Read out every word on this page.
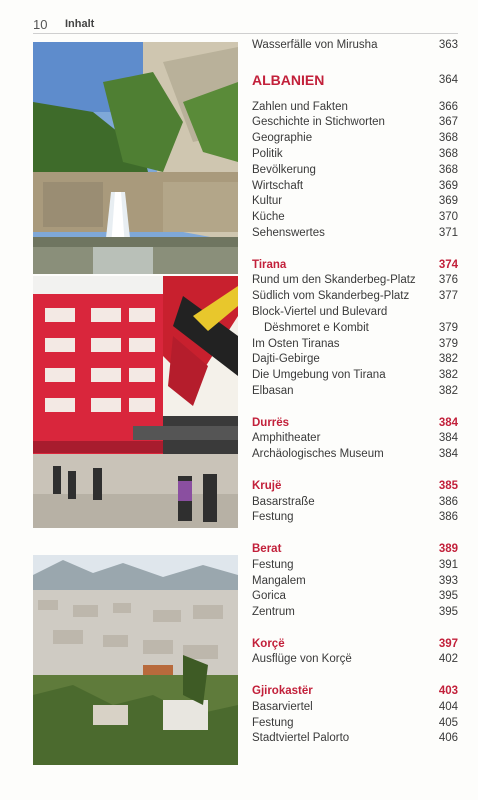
10 Inhalt
Wasserfälle von Mirusha	363
ALBANIEN	364
Zahlen und Fakten	366
Geschichte in Stichworten	367
Geographie	368
Politik	368
Bevölkerung	368
Wirtschaft	369
Kultur	369
Küche	370
Sehenswertes	371
Tirana	374
Rund um den Skanderbeg-Platz 376
Südlich vom Skanderbeg-Platz	377
Block-Viertel und Bulevard
Dëshmoret e Kombit	379
Im Osten Tiranas	379
Dajti-Gebirge	382
Die Umgebung von Tirana	382
Elbasan	382
Durrës	384
Amphitheater	384
Archäologisches Museum	384
Krujë	385
Basarstraße	386
Festung	386
Berat	389
Festung	391
Mangalem	393
Gorica	395
Zentrum	395
Korçë	397
Ausflüge von Korçë	402
Gjirokastër	403
Basarviertel	404
Festung	405
Stadtviertel Palorto	406
